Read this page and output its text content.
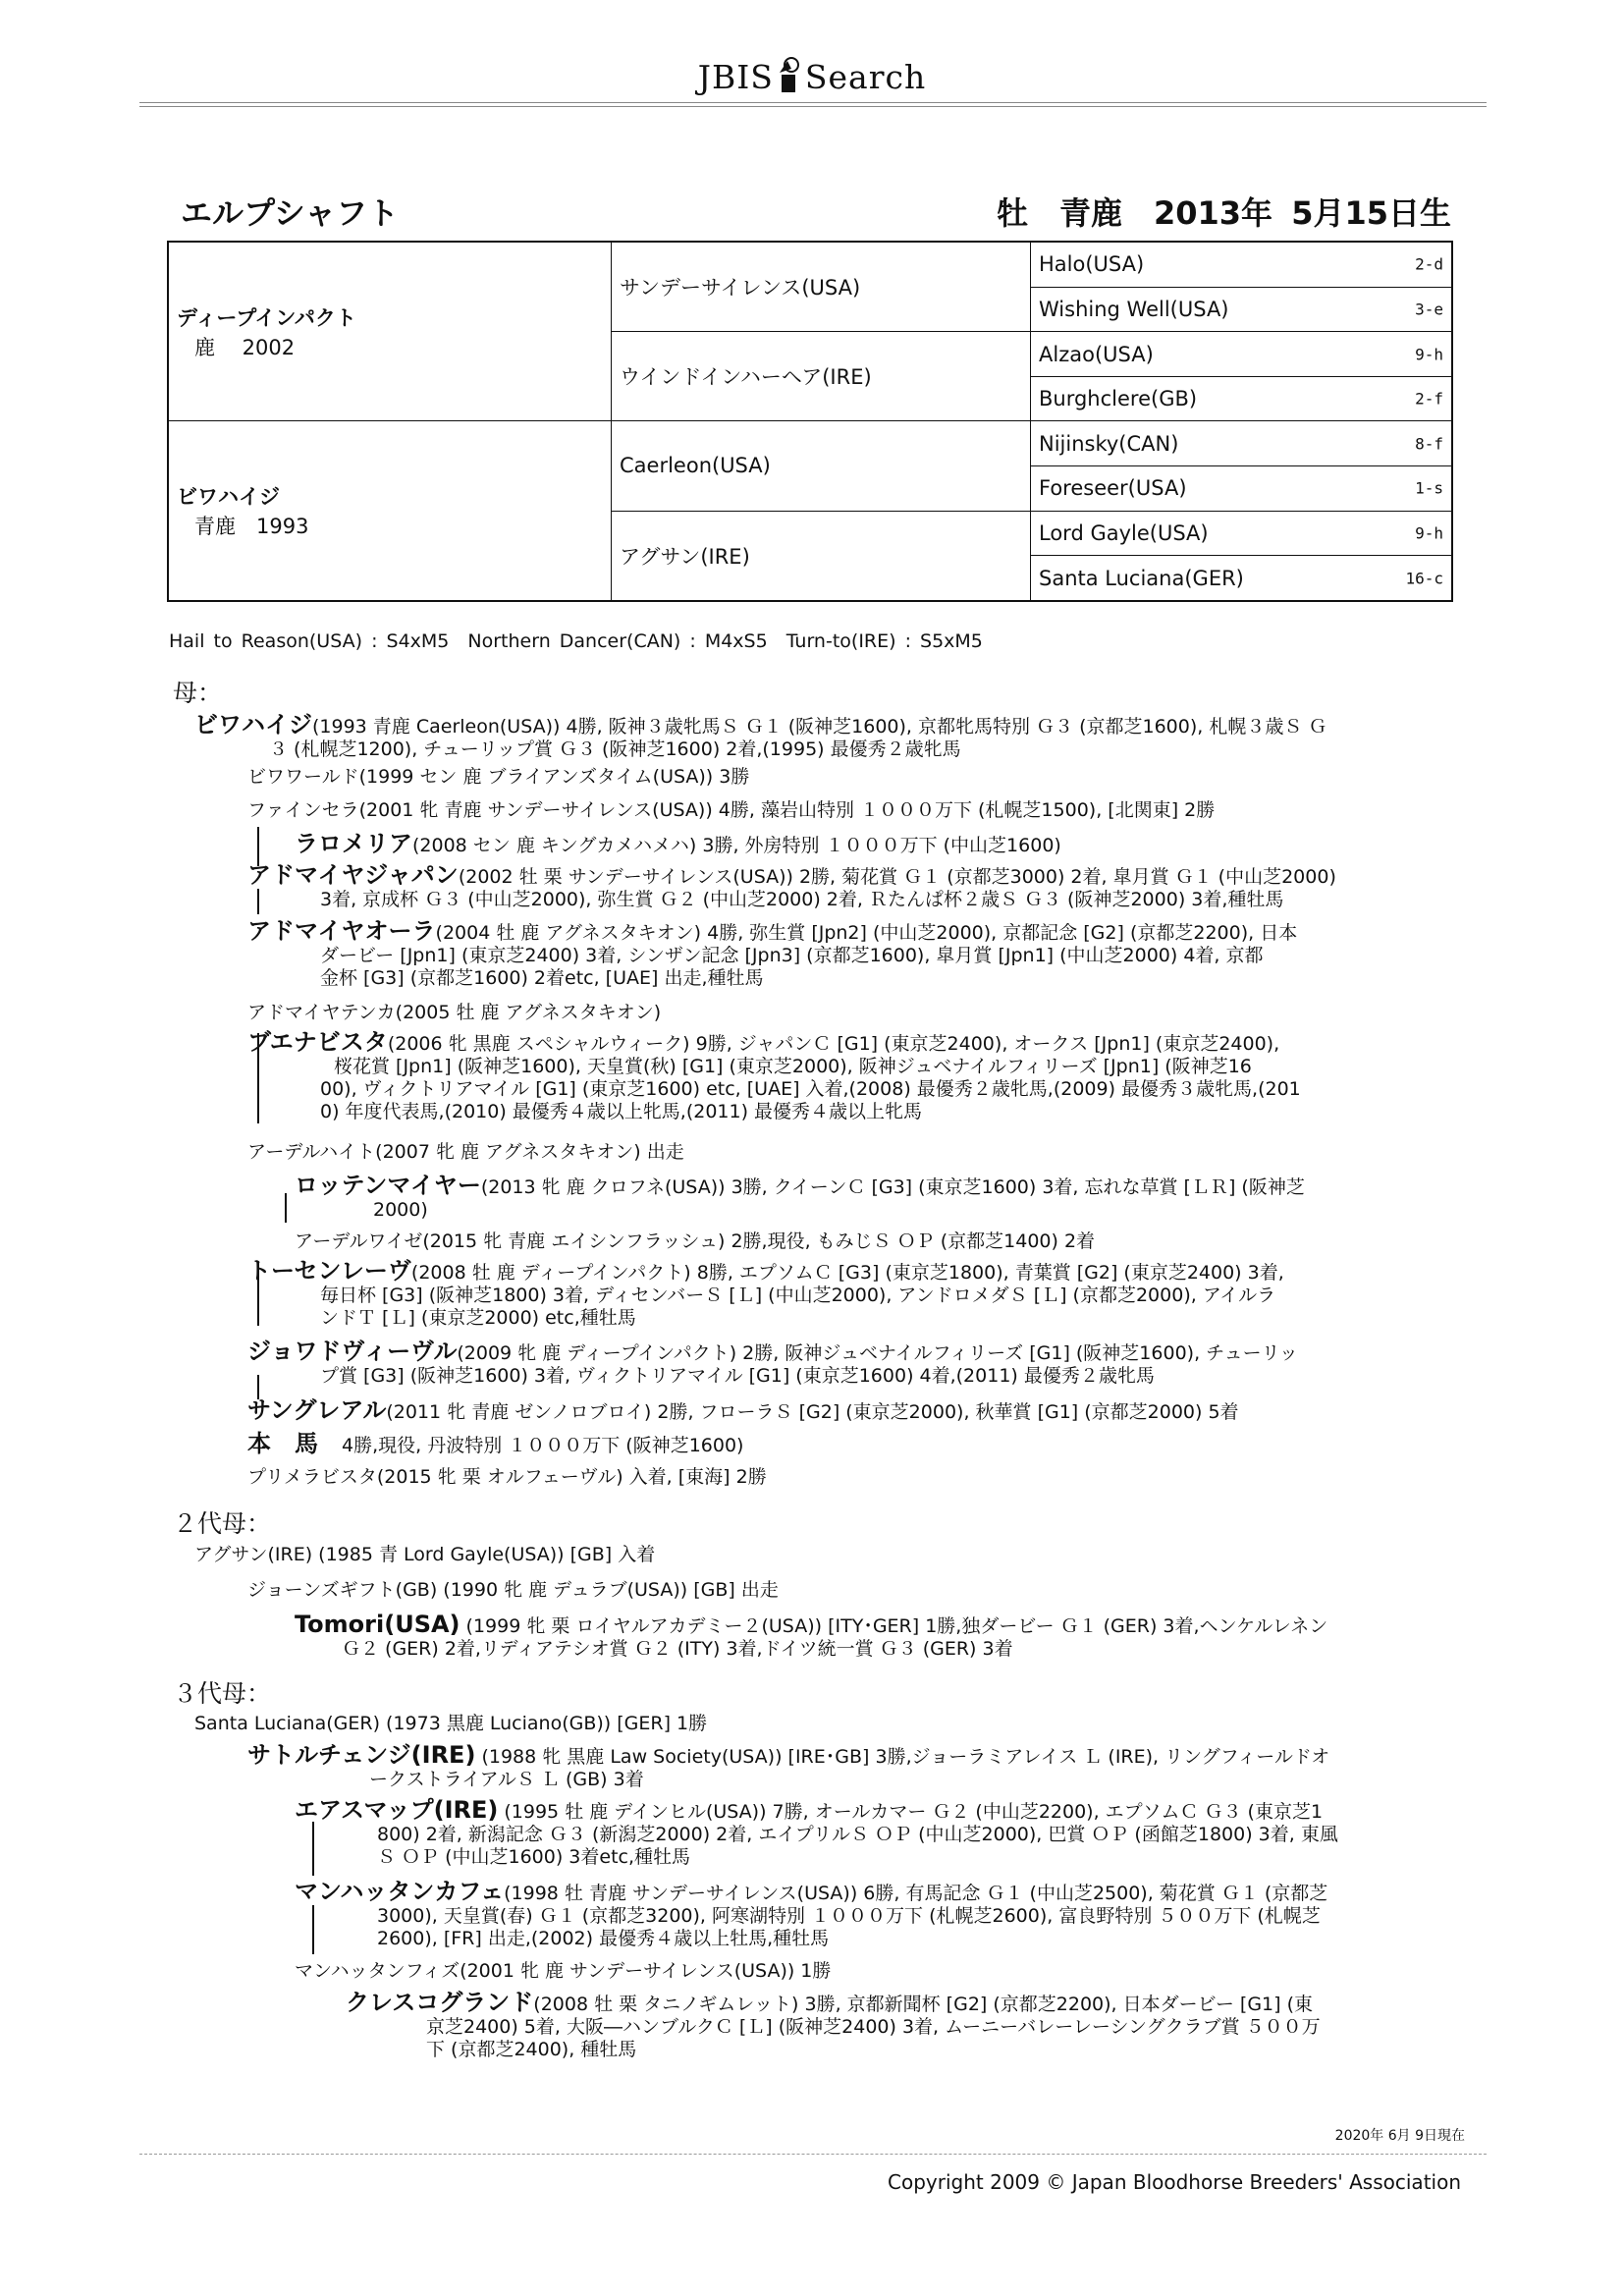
JBIS Search
エルプシャフト	牡　青鹿　2013年 5月15日生
ディープインパクト
鹿　 2002	サンデーサイレンス(USA)	Halo(USA) 2-d

		Wishing Well(USA) 3-e

	ウインドインハーヘア(IRE)	Alzao(USA) 9-h

		Burghclere(GB) 2-f

ビワハイジ
青鹿　1993	Caerleon(USA)	Nijinsky(CAN) 8-f

		Foreseer(USA) 1-s

	アグサン(IRE)	Lord Gayle(USA) 9-h

		Santa Luciana(GER) 16-c
Hail to Reason(USA) : S4xM5　Northern Dancer(CAN) : M4xS5　Turn-to(IRE) : S5xM5
母：
２代母：
３代母：
ビワハイジ(1993 青鹿 Caerleon(USA)) 4勝, 阪神３歳牝馬Ｓ Ｇ１ (阪神芝1600), 京都牝馬特別 Ｇ３ (京都芝1600), 札幌３歳Ｓ Ｇ
３ (札幌芝1200), チューリップ賞 Ｇ３ (阪神芝1600) 2着,(1995) 最優秀２歳牝馬
ビワワールド(1999 セン 鹿 ブライアンズタイム(USA)) 3勝
ファインセラ(2001 牝 青鹿 サンデーサイレンス(USA)) 4勝, 藻岩山特別 １０００万下 (札幌芝1500), [北関東] 2勝
ラロメリア(2008 セン 鹿 キングカメハメハ) 3勝, 外房特別 １０００万下 (中山芝1600)
アドマイヤジャパン(2002 牡 栗 サンデーサイレンス(USA)) 2勝, 菊花賞 Ｇ１ (京都芝3000) 2着, 皐月賞 Ｇ１ (中山芝2000)
3着, 京成杯 Ｇ３ (中山芝2000), 弥生賞 Ｇ２ (中山芝2000) 2着, Ｒたんぱ杯２歳Ｓ Ｇ３ (阪神芝2000) 3着,種牡馬
アドマイヤオーラ(2004 牡 鹿 アグネスタキオン) 4勝, 弥生賞 [Jpn2] (中山芝2000), 京都記念 [G2] (京都芝2200), 日本
ダービー [Jpn1] (東京芝2400) 3着, シンザン記念 [Jpn3] (京都芝1600), 皐月賞 [Jpn1] (中山芝2000) 4着, 京都
金杯 [G3] (京都芝1600) 2着etc, [UAE] 出走,種牡馬
アドマイヤテンカ(2005 牡 鹿 アグネスタキオン)
ブエナビスタ(2006 牝 黒鹿 スペシャルウィーク) 9勝, ジャパンＣ [G1] (東京芝2400), オークス [Jpn1] (東京芝2400),
桜花賞 [Jpn1] (阪神芝1600), 天皇賞(秋) [G1] (東京芝2000), 阪神ジュベナイルフィリーズ [Jpn1] (阪神芝16
00), ヴィクトリアマイル [G1] (東京芝1600) etc, [UAE] 入着,(2008) 最優秀２歳牝馬,(2009) 最優秀３歳牝馬,(201
0) 年度代表馬,(2010) 最優秀４歳以上牝馬,(2011) 最優秀４歳以上牝馬
アーデルハイト(2007 牝 鹿 アグネスタキオン) 出走
ロッテンマイヤー(2013 牝 鹿 クロフネ(USA)) 3勝, クイーンＣ [G3] (東京芝1600) 3着, 忘れな草賞 [ＬＲ] (阪神芝
2000)
アーデルワイゼ(2015 牝 青鹿 エイシンフラッシュ) 2勝,現役, もみじＳ ＯＰ (京都芝1400) 2着
トーセンレーヴ(2008 牡 鹿 ディープインパクト) 8勝, エプソムＣ [G3] (東京芝1800), 青葉賞 [G2] (東京芝2400) 3着,
毎日杯 [G3] (阪神芝1800) 3着, ディセンバーＳ [Ｌ] (中山芝2000), アンドロメダＳ [Ｌ] (京都芝2000), アイルラ
ンドＴ [Ｌ] (東京芝2000) etc,種牡馬
ジョワドヴィーヴル(2009 牝 鹿 ディープインパクト) 2勝, 阪神ジュベナイルフィリーズ [G1] (阪神芝1600), チューリッ
プ賞 [G3] (阪神芝1600) 3着, ヴィクトリアマイル [G1] (東京芝1600) 4着,(2011) 最優秀２歳牝馬
サングレアル(2011 牝 青鹿 ゼンノロブロイ) 2勝, フローラＳ [G2] (東京芝2000), 秋華賞 [G1] (京都芝2000) 5着
本　馬 4勝,現役, 丹波特別 １０００万下 (阪神芝1600)
プリメラビスタ(2015 牝 栗 オルフェーヴル) 入着, [東海] 2勝
アグサン(IRE) (1985 青 Lord Gayle(USA)) [GB] 入着
ジョーンズギフト(GB) (1990 牝 鹿 デュラブ(USA)) [GB] 出走
Tomori(USA) (1999 牝 栗 ロイヤルアカデミー２(USA)) [ITY･GER] 1勝,独ダービー Ｇ１ (GER) 3着,ヘンケルレネン
Ｇ２ (GER) 2着,リディアテシオ賞 Ｇ２ (ITY) 3着,ドイツ統一賞 Ｇ３ (GER) 3着
Santa Luciana(GER) (1973 黒鹿 Luciano(GB)) [GER] 1勝
サトルチェンジ(IRE) (1988 牝 黒鹿 Law Society(USA)) [IRE･GB] 3勝,ジョーラミアレイス Ｌ (IRE), リングフィールドオ
ークストライアルＳ Ｌ (GB) 3着
エアスマップ(IRE) (1995 牡 鹿 デインヒル(USA)) 7勝, オールカマー Ｇ２ (中山芝2200), エプソムＣ Ｇ３ (東京芝1
800) 2着, 新潟記念 Ｇ３ (新潟芝2000) 2着, エイプリルＳ ＯＰ (中山芝2000), 巴賞 ＯＰ (函館芝1800) 3着, 東風
Ｓ ＯＰ (中山芝1600) 3着etc,種牡馬
マンハッタンカフェ(1998 牡 青鹿 サンデーサイレンス(USA)) 6勝, 有馬記念 Ｇ１ (中山芝2500), 菊花賞 Ｇ１ (京都芝
3000), 天皇賞(春) Ｇ１ (京都芝3200), 阿寒湖特別 １０００万下 (札幌芝2600), 富良野特別 ５００万下 (札幌芝
2600), [FR] 出走,(2002) 最優秀４歳以上牡馬,種牡馬
マンハッタンフィズ(2001 牝 鹿 サンデーサイレンス(USA)) 1勝
クレスコグランド(2008 牡 栗 タニノギムレット) 3勝, 京都新聞杯 [G2] (京都芝2200), 日本ダービー [G1] (東
京芝2400) 5着, 大阪―ハンブルクＣ [Ｌ] (阪神芝2400) 3着, ムーニーバレーレーシングクラブ賞 ５００万
下 (京都芝2400), 種牡馬
2020年 6月 9日現在
Copyright 2009 © Japan Bloodhorse Breeders' Association
